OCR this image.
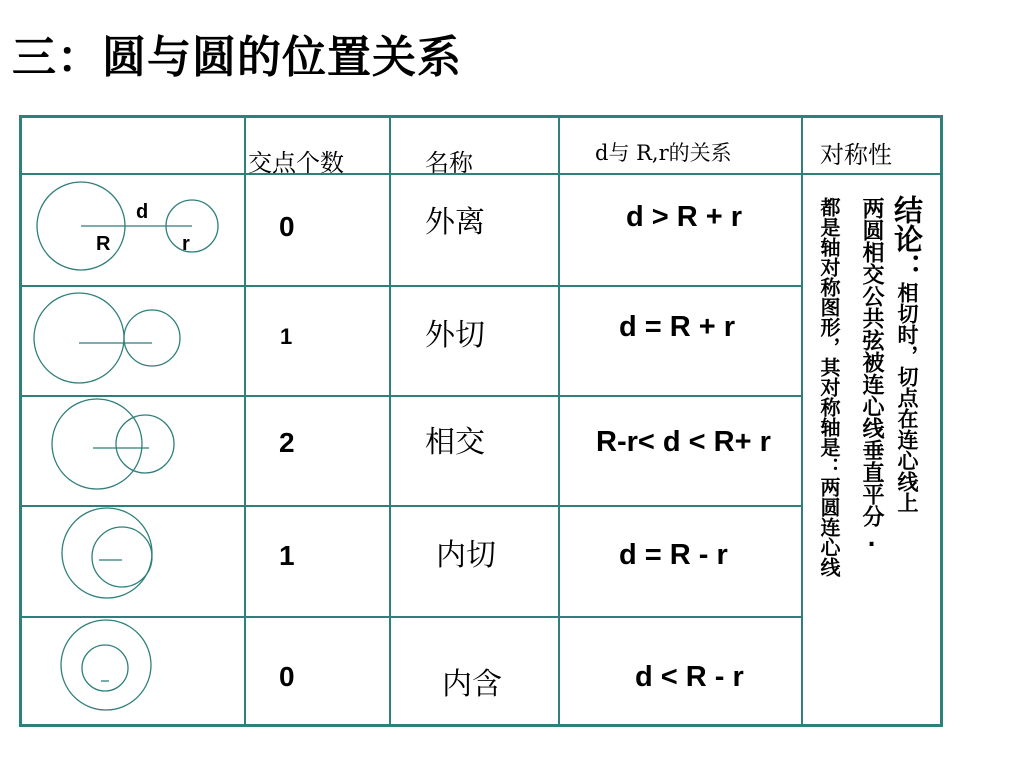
三：圆与圆的位置关系
交点个数	名称	d与 R,r的关系	对称性
d
R	r
0	外离	d > R + r
1	外切	d = R + r
2	相交	R-r< d < R+ r
1	内切	d = R - r
0	内含	d < R - r
结论：相切时，切点在连心线上
两圆相交公共弦被连心线垂直平分.
都是轴对称图形，其对称轴是：两圆连心线
